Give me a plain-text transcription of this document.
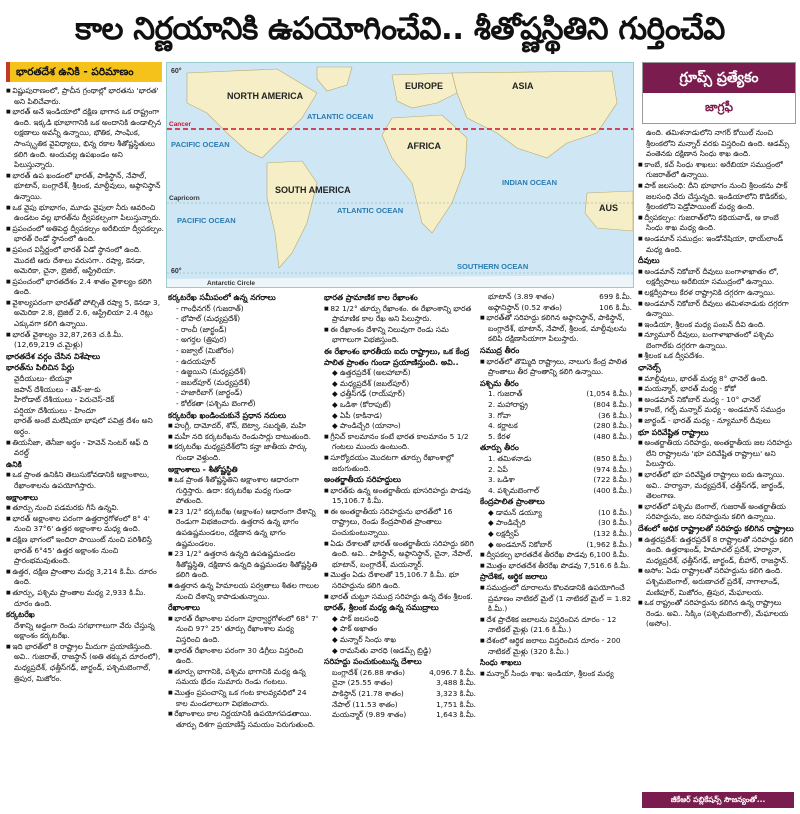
కాల నిర్ణయానికి ఉపయోగించేవి.. శీతోష్ణస్థితిని గుర్తించేవి
భారతదేశ ఉనికి - పరిమాణం	60°
60°
NORTH AMERICA
SOUTH AMERICA
EUROPE	ASIA
AFRICA
AUS
ATLANTIC OCEAN
PACIFIC OCEAN
ATLANTIC OCEAN
INDIAN OCEAN
PACIFIC OCEAN
SOUTHERN OCEAN
Cancer
Capricorn
Antarctic Circle
గ్రూప్స్ ప్రత్యేకం
జాగ్రఫీ
■ విష్ణుపురాణంలో, ప్రాచీన గ్రంథాల్లో భారతను 'భారత' అని పిలిచేవారు.
■ భారత్ అనే ఇండియాలో దక్షిణ భాగాన ఒక రాష్ట్రంగా ఉంది. ఇక్కడి భూభాగానికి ఒక అందానికి ఉండాల్సిన లక్షణాలు అవన్నీ ఉన్నాయి, భౌతిక, సాంఘిక, సాంస్కృతిక వైవిధ్యాలు, భిన్న రకాల శీతోష్ణస్థితులు కలిగి ఉంది. అందువల్ల ఉపఖండం అని పిలుస్తున్నారు.
■ భారత్ ఉప ఖండంలో భారత్, పాకిస్థాన్, నేపాల్, భూటాన్, బంగ్లాదేశ్, శ్రీలంక, మాల్దీవులు, అఫ్గానిస్థాన్ ఉన్నాయి.
■ ఒక వైపు భూభాగం, మూడు వైపులా నీరు ఆవరించి ఉండటం వల్ల భారత్‌ను ద్వీపకల్పంగా పిలుస్తున్నారు.
■ ప్రపంచంలో అతిపెద్ద ద్వీపకల్పం అరేబియా ద్వీపకల్పం. భారత్ రెండో స్థానంలో ఉంది.
■ ప్రపంచ విస్తీర్ణంలో భారత్ ఏడో స్థానంలో ఉంది. మొదటి ఆరు దేశాలు వరుసగా.. రష్యా, కెనడా, అమెరికా, చైనా, బ్రెజిల్, ఆస్ట్రేలియా.
■ ప్రపంచంలో భారతదేశం 2.4 శాతం వైశాల్యం కలిగి ఉంది.
■ వైశాల్యపరంగా భారత్‌తో పోల్చితే రష్యా 5, కెనడా 3, అమెరికా 2.8, బ్రెజిల్ 2.6, ఆస్ట్రేలియా 2.4 రెట్లు ఎక్కువగా కలిగి ఉన్నాయి.
■ భారత్ వైశాల్యం 32,87,263 చ.కి.మీ. (12,69,219 చ.మైళ్లు)
భారతదేశ వర్గం చేసిన విశేషాలు
భారత్‌ను పిలిచిన పేర్లు
వైదీయులు- టియన్జా
జపాన్ దేశీయులు - తెన్-జు-కు
హీరోడాట్ దేశీయులు - పెరుచెస్-దెక్
పర్షియా దేశీయులు - హిందూ
భారత్ అంటే మలేషియా భాషలో పవిత్ర దేశం అని అర్థం.
■ తియనీజా, తెనీజా అర్థం - హెవెన్ సెంటర్ ఆఫ్ ది వరల్డ్
ఉనికి
■ ఒక ప్రాంత ఉనికిని తెలుసుకోవడానికి అక్షాంశాలు, రేఖాంశాలను ఉపయోగిస్తారు.
అక్షాంశాలు
■ తూర్పు నుంచి పడమరకు గీసే ఉన్నవి.
■ భారత్ అక్షాంశాల పరంగా ఉత్తరార్ధగోళంలో 8° 4' నుంచి 37°6' ఉత్తర అక్షాంశాల మధ్య ఉంది.
■ దక్షిణ భాగంలో ఇందిరా పాయింట్ నుంచి పరిశీలిస్తే భారత్ 6°45' ఉత్తర అక్షాంశం నుంచి ప్రారంభమవుతుంది.
■ ఉత్తర, దక్షిణ ప్రాంతాల మధ్య 3,214 కి.మీ. దూరం ఉంది.
■ తూర్పు, పశ్చిమ ప్రాంతాల మధ్య 2,933 కి.మీ. దూరం ఉంది.
కర్కటరేఖ
దేశాన్ని అడ్డంగా రెండు సగభాగాలుగా వేరు చేస్తున్న అక్షాంశం కర్కటరేఖ.
■ ఇది భారత్‌లో 8 రాష్ట్రాల మీదుగా ప్రయాణిస్తుంది. అవి.. గుజరాత్, రాజస్థాన్ (అతి తక్కువ దూరంలో), మధ్యప్రదేశ్, ఛత్తీస్‌గఢ్, జార్ఖండ్, పశ్చిమబెంగాల్, త్రిపుర, మిజోరం.
కర్కటరేఖ సమీపంలో ఉన్న నగరాలు
- గాంధీనగర్ (గుజరాత్)
- భోపాల్ (మధ్యప్రదేశ్)
- రాంచీ (జార్ఖండ్)
- అగర్తల (త్రిపుర)
- ఐజ్వాల్ (మిజోరం)
- ఉదయపూర్
- ఉజ్జయిని (మధ్యప్రదేశ్)
- జబల్‌పూర్ (మధ్యప్రదేశ్)
- హజారీబాగ్ (జార్ఖండ్)
- కోల్‌కతా (పశ్చిమ బెంగాల్)
కర్కటరేఖ ఖండించుకునే ప్రధాన నదులు
■ హుగ్లీ, దామోదర్, శోన్, బెట్వా, సబర్మతి, మహి
■ మహీ నది కర్కటరేఖను రెండుసార్లు దాటుతుంది.
■ కర్కటరేఖ మధ్యప్రదేశ్‌లోని కన్హా జాతీయ పార్కు గుండా వెళ్తుంది.
అక్షాంశాలు - శీతోష్ణస్థితి
■ ఒక ప్రాంత శీతోష్ణస్థితిని అక్షాంశాల ఆధారంగా గుర్తిస్తారు. ఉదా: కర్కటరేఖ మధ్య గుండా పోతుంది.
■ 23 1/2° కర్కటరేఖ (అక్షాంశం) ఆధారంగా దేశాన్ని రెండుగా విభజించారు. ఉత్తరాన ఉన్న భాగం ఉపఉష్ణమండలం, దక్షిణాన ఉన్న భాగం ఉష్ణమండలం.
■ 23 1/2° ఉత్తరాన ఉన్నది ఉపఉష్ణమండల శీతోష్ణస్థితి, దక్షిణాన ఉన్నది ఉష్ణమండల శీతోష్ణస్థితి కలిగి ఉంది.
■ ఉత్తరాన ఉన్న హిమాలయ పర్వతాలు శీతల గాలుల నుంచి దేశాన్ని కాపాడుతున్నాయి.
రేఖాంశాలు
■ భారత్ రేఖాంశాల పరంగా పూర్వార్ధగోళంలో 68° 7' నుంచి 97° 25' తూర్పు రేఖాంశాల మధ్య విస్తరించి ఉంది.
■ భారత్ రేఖాంశాల పరంగా 30 డిగ్రీలు విస్తరించి ఉంది.
■ తూర్పు భాగానికి, పశ్చిమ భాగానికి మధ్య ఉన్న సమయ భేదం సుమారు రెండు గంటలు.
■ మొత్తం ప్రపంచాన్ని ఒక గంట కాలవ్యవధిలో 24 కాల మండలాలుగా విభజించారు.
■ రేఖాంశాలు కాల నిర్ణయానికి ఉపయోగపడతాయి. తూర్పు దిశగా ప్రయాణిస్తే సమయం పెరుగుతుంది.
భారత ప్రామాణిక కాల రేఖాంశం
■ 82 1/2° తూర్పు రేఖాంశం. ఈ రేఖాంశాన్ని భారత ప్రామాణిక కాల రేఖ అని పిలుస్తారు.
■ ఈ రేఖాంశం దేశాన్ని నిలువుగా రెండు సమ భాగాలుగా విభజిస్తుంది.
ఈ రేఖాంశం భారతీయ ఐదు రాష్ట్రాలు, ఒక కేంద్ర పాలిత ప్రాంతం గుండా ప్రయాణిస్తుంది. అవి..
◆ ఉత్తరప్రదేశ్ (అలహాబాద్)
◆ మధ్యప్రదేశ్ (జబల్‌పూర్)
◆ ఛత్తీస్‌గఢ్ (రాయ్‌పూర్)
◆ ఒడిశా (కోరాపుట్)
◆ ఏపీ (కాకినాడ)
◆ పాండిచ్చేరి (యానాం)
■ గ్రీనిచ్ కాలమానం కంటే భారత కాలమానం 5 1/2 గంటలు ముందు ఉంటుంది.
■ సూర్యోదయం మొదటగా తూర్పు రేఖాంశాల్లో జరుగుతుంది.
అంతర్జాతీయ సరిహద్దులు
■ భారత్‌కు ఉన్న అంతర్జాతీయ భూసరిహద్దు పొడవు 15,106.7 కి.మీ.
■ ఈ అంతర్జాతీయ సరిహద్దును భారత్‌లో 16 రాష్ట్రాలు, రెండు కేంద్రపాలిత ప్రాంతాలు పంచుకుంటున్నాయి.
■ ఏడు దేశాలతో భారత్ అంతర్జాతీయ సరిహద్దు కలిగి ఉంది. అవి.. పాకిస్థాన్, అఫ్గానిస్థాన్, చైనా, నేపాల్, భూటాన్, బంగ్లాదేశ్, మయన్మార్.
■ మొత్తం ఏడు దేశాలతో 15,106.7 కి.మీ. భూ సరిహద్దును కలిగి ఉంది.
■ భారత్ చుట్టూ సముద్ర సరిహద్దు ఉన్న దేశం శ్రీలంక.
భారత్, శ్రీలంక మధ్య ఉన్న సముద్రాలు
◆ పాక్ జలసంధి
◆ పాక్ అఖాతం
◆ మన్నార్ సింధు శాఖ
◆ రామసేతు వారధి (ఆడమ్స్ బ్రిడ్జి)
సరిహద్దు పంచుకుంటున్న దేశాలు
బంగ్లాదేశ్ (26.88 శాతం)	4,096.7 కి.మీ.
చైనా (25.55 శాతం)	3,488 కి.మీ.
పాకిస్థాన్ (21.78 శాతం)	3,323 కి.మీ.
నేపాల్ (11.53 శాతం)	1,751 కి.మీ.
మయన్మార్ (9.89 శాతం)	1,643 కి.మీ.
భూటాన్ (3.89 శాతం)	699 కి.మీ.
అఫ్గానిస్థాన్ (0.52 శాతం)	106 కి.మీ.
■ భారత్‌తో సరిహద్దు కలిగిన అఫ్గానిస్థాన్, పాకిస్థాన్, బంగ్లాదేశ్, భూటాన్, నేపాల్, శ్రీలంక, మాల్దీవులను కలిపి దక్షిణాసియాగా పిలుస్తారు.
సముద్ర తీరం
■ భారత్‌లో తొమ్మిది రాష్ట్రాలు, నాలుగు కేంద్ర పాలిత ప్రాంతాలు తీర ప్రాంతాన్ని కలిగి ఉన్నాయి.
పశ్చిమ తీరం
1. గుజరాత్	(1,054 కి.మీ.)
2. మహారాష్ట్ర	(804 కి.మీ.)
3. గోవా	(36 కి.మీ.)
4. కర్ణాటక	(280 కి.మీ.)
5. కేరళ	(480 కి.మీ.)
తూర్పు తీరం
1. తమిళనాడు	(850 కి.మీ.)
2. ఏపీ	(974 కి.మీ.)
3. ఒడిశా	(722 కి.మీ.)
4. పశ్చిమబెంగాల్	(400 కి.మీ.)
కేంద్రపాలిత ప్రాంతాలు
◆ డామన్ డయ్యూ	(10 కి.మీ.)
◆ పాండిచ్చేరి	(30 కి.మీ.)
◆ లక్షద్వీప్	(132 కి.మీ.)
◆ అండమాన్ నికోబార్	(1,962 కి.మీ.)
■ ద్వీపకల్ప భారతదేశ తీరరేఖ పొడవు 6,100 కి.మీ.
■ మొత్తం భారతదేశ తీరరేఖ పొడవు 7,516.6 కి.మీ.
ప్రాదేశిక, ఆర్థిక జలాలు
■ సముద్రంలో దూరాలను కొలవడానికి ఉపయోగించే ప్రమాణం నాటికల్ మైల్ (1 నాటికల్ మైల్ = 1.82 కి.మీ.)
■ దేశ ప్రాదేశిక జలాలను విస్తరించిన దూరం - 12 నాటికల్ మైళ్లు (21.6 కి.మీ.)
■ దేశంలో ఆర్థిక జలాలు విస్తరించిన దూరం - 200 నాటికల్ మైళ్లు (320 కి.మీ.)
సింధు శాఖలు
■ మన్నార్ సింధు శాఖ: ఇండియా, శ్రీలంక మధ్య
ఉంది. తమిళనాడులోని నాగర్ కోయిల్ నుంచి శ్రీలంకలోని మన్నార్ వరకు విస్తరించి ఉంది. ఆడమ్స్ వంతెనకు దక్షిణాన సింధు శాఖ ఉంది.
■ కాంబే, కచ్ సింధు శాఖలు: అరేబియా సముద్రంలో గుజరాత్‌లో ఉన్నాయి.
■ పాక్ జలసంధి: దీని భూభాగం నుంచి శ్రీలంకను పాక్ జలసంధి వేరు చేస్తున్నది. ఇండియాలోని కొడికర్‌కు, శ్రీలంకలోని పెడ్రోపాయింట్ మధ్య ఉంది.
■ ద్వీపకల్పం: గుజరాత్‌లోని కథియవాడ్, ఆ కాంబే సింధు శాఖ మధ్య ఉంది.
■ అండమాన్ సముద్రం: ఇండోనేషియా, థాయ్‌లాండ్ మధ్య ఉంది.
దీవులు
■ అండమాన్ నికోబార్ దీవులు బంగాళాఖాతం లో, లక్షద్వీపాలు అరేబియా సముద్రంలో ఉన్నాయి.
■ లక్షద్వీపాలు కేరళ రాష్ట్రానికి దగ్గరగా ఉన్నాయి.
■ అండమాన్ నికోబార్ దీవులు తమిళనాడుకు దగ్గరగా ఉన్నాయి.
■ ఇండియా, శ్రీలంక మధ్య పంబన్ దీవి ఉంది.
■ న్యూమూర్ దీవులు, బంగాళాఖాతంలో పశ్చిమ బెంగాల్‌కు దగ్గరగా ఉన్నాయి.
■ శ్రీలంక ఒక ద్వీపదేశం.
ఛానెల్స్
■ మాల్దీవులు, భారత్ మధ్య 8° ఛానెల్ ఉంది.
■ మయన్మార్, భారత్ మధ్య - కోకో
■ అండమాన్ నికోబార్ మధ్య - 10° ఛానెల్
■ కాంబే, గల్ఫ్ మన్నార్ మధ్య - అండమాన్ సముద్రం
■ జార్ఖండ్ - భారత్ మధ్య - న్యూమూర్ దీవులు
భూ పరివేష్టిత రాష్ట్రాలు
■ అంతర్జాతీయ సరిహద్దు, అంతర్జాతీయ జల సరిహద్దు లేని రాష్ట్రాలను 'భూ పరివేష్టిత రాష్ట్రాలు' అని పిలుస్తారు.
■ భారత్‌లో భూ పరివేష్టిత రాష్ట్రాలు ఐదు ఉన్నాయి. అవి.. హర్యానా, మధ్యప్రదేశ్, ఛత్తీస్‌గఢ్, జార్ఖండ్, తెలంగాణ.
■ భారత్‌లో పశ్చిమ బెంగాల్, గుజరాత్ అంతర్జాతీయ సరిహద్దును, జల సరిహద్దును కలిగి ఉన్నాయి.
దేశంలో అధిక రాష్ట్రాలతో సరిహద్దు కలిగిన రాష్ట్రాలు
■ ఉత్తరప్రదేశ్: ఉత్తరప్రదేశ్ 8 రాష్ట్రాలతో సరిహద్దు కలిగి ఉంది. ఉత్తరాఖండ్, హిమాచల్ ప్రదేశ్, హర్యానా, మధ్యప్రదేశ్, ఛత్తీస్‌గఢ్, జార్ఖండ్, బీహార్, రాజస్థాన్.
■ అసోం: ఏడు రాష్ట్రాలతో సరిహద్దును కలిగి ఉంది. పశ్చిమబెంగాల్, అరుణాచల్ ప్రదేశ్, నాగాలాండ్, మణిపూర్, మిజోరం, త్రిపుర, మేఘాలయ.
■ ఒక రాష్ట్రంతో సరిహద్దును కలిగిన ఉన్న రాష్ట్రాలు రెండు. అవి.. సిక్కిం (పశ్చిమబెంగాల్), మేఘాలయ (అసోం).
జీకేఆర్ పబ్లికేషన్స్ సౌజన్యంతో...
